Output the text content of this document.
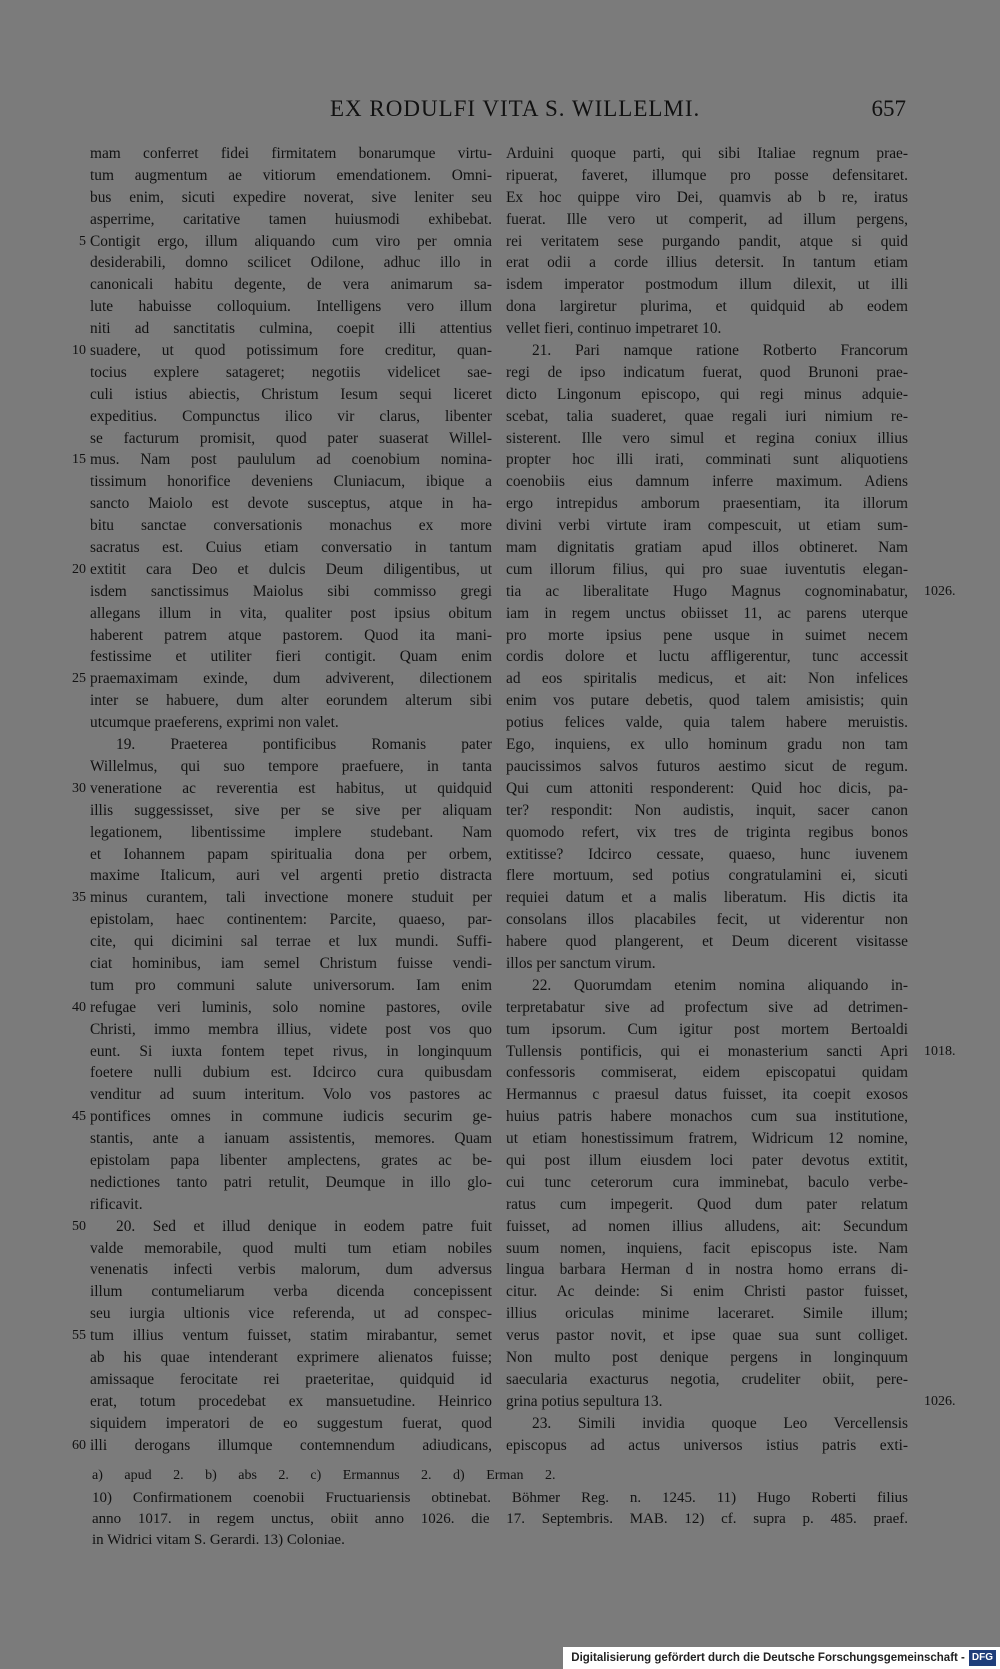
EX RODULFI VITA S. WILLELMI.	657
mam conferret fidei firmitatem bonarumque virtu-
tum augmentum ae vitiorum emendationem. Omni-
bus enim, sicuti expedire noverat, sive leniter seu
asperrime, caritative tamen huiusmodi exhibebat.
Contigit ergo, illum aliquando cum viro per omnia
5
desiderabili, domno scilicet Odilone, adhuc illo in
canonicali habitu degente, de vera animarum sa-
lute habuisse colloquium. Intelligens vero illum
niti ad sanctitatis culmina, coepit illi attentius
suadere, ut quod potissimum fore creditur, quan-
10
tocius explere satageret; negotiis videlicet sae-
culi istius abiectis, Christum Iesum sequi liceret
expeditius. Compunctus ilico vir clarus, libenter
se facturum promisit, quod pater suaserat Willel-
mus. Nam post paululum ad coenobium nomina-
15
tissimum honorifice deveniens Cluniacum, ibique a
sancto Maiolo est devote susceptus, atque in ha-
bitu sanctae conversationis monachus ex more
sacratus est. Cuius etiam conversatio in tantum
extitit cara Deo et dulcis Deum diligentibus, ut
20
isdem sanctissimus Maiolus sibi commisso gregi
allegans illum in vita, qualiter post ipsius obitum
haberent patrem atque pastorem. Quod ita mani-
festissime et utiliter fieri contigit. Quam enim
praemaximam exinde, dum adviverent, dilectionem
25
inter se habuere, dum alter eorundem alterum sibi
utcumque praeferens, exprimi non valet.
19. Praeterea pontificibus Romanis pater
Willelmus, qui suo tempore praefuere, in tanta
veneratione ac reverentia est habitus, ut quidquid
30
illis suggessisset, sive per se sive per aliquam
legationem, libentissime implere studebant. Nam
et Iohannem papam spiritualia dona per orbem,
maxime Italicum, auri vel argenti pretio distracta
minus curantem, tali invectione monere studuit per
35
epistolam, haec continentem: Parcite, quaeso, par-
cite, qui dicimini sal terrae et lux mundi. Suffi-
ciat hominibus, iam semel Christum fuisse vendi-
tum pro communi salute universorum. Iam enim
refugae veri luminis, solo nomine pastores, ovile
40
Christi, immo membra illius, videte post vos quo
eunt. Si iuxta fontem tepet rivus, in longinquum
foetere nulli dubium est. Idcirco cura quibusdam
venditur ad suum interitum. Volo vos pastores ac
pontifices omnes in commune iudicis securim ge-
45
stantis, ante a ianuam assistentis, memores. Quam
epistolam papa libenter amplectens, grates ac be-
nedictiones tanto patri retulit, Deumque in illo glo-
rificavit.
20. Sed et illud denique in eodem patre fuit
50
valde memorabile, quod multi tum etiam nobiles
venenatis infecti verbis malorum, dum adversus
illum contumeliarum verba dicenda concepissent
seu iurgia ultionis vice referenda, ut ad conspec-
tum illius ventum fuisset, statim mirabantur, semet
55
ab his quae intenderant exprimere alienatos fuisse;
amissaque ferocitate rei praeteritae, quidquid id
erat, totum procedebat ex mansuetudine. Heinrico
siquidem imperatori de eo suggestum fuerat, quod
illi derogans illumque contemnendum adiudicans,
60
Arduini quoque parti, qui sibi Italiae regnum prae-
ripuerat, faveret, illumque pro posse defensitaret.
Ex hoc quippe viro Dei, quamvis ab b re, iratus
fuerat. Ille vero ut comperit, ad illum pergens,
rei veritatem sese purgando pandit, atque si quid
erat odii a corde illius detersit. In tantum etiam
isdem imperator postmodum illum dilexit, ut illi
dona largiretur plurima, et quidquid ab eodem
vellet fieri, continuo impetraret 10.
21. Pari namque ratione Rotberto Francorum
regi de ipso indicatum fuerat, quod Brunoni prae-
dicto Lingonum episcopo, qui regi minus adquie-
scebat, talia suaderet, quae regali iuri nimium re-
sisterent. Ille vero simul et regina coniux illius
propter hoc illi irati, comminati sunt aliquotiens
coenobiis eius damnum inferre maximum. Adiens
ergo intrepidus amborum praesentiam, ita illorum
divini verbi virtute iram compescuit, ut etiam sum-
mam dignitatis gratiam apud illos obtineret. Nam
cum illorum filius, qui pro suae iuventutis elegan-
tia ac liberalitate Hugo Magnus cognominabatur, 1026.
iam in regem unctus obiisset 11, ac parens uterque
pro morte ipsius pene usque in suimet necem
cordis dolore et luctu affligerentur, tunc accessit
ad eos spiritalis medicus, et ait: Non infelices
enim vos putare debetis, quod talem amisistis; quin
potius felices valde, quia talem habere meruistis.
Ego, inquiens, ex ullo hominum gradu non tam
paucissimos salvos futuros aestimo sicut de regum.
Qui cum attoniti responderent: Quid hoc dicis, pa-
ter? respondit: Non audistis, inquit, sacer canon
quomodo refert, vix tres de triginta regibus bonos
extitisse? Idcirco cessate, quaeso, hunc iuvenem
flere mortuum, sed potius congratulamini ei, sicuti
requiei datum et a malis liberatum. His dictis ita
consolans illos placabiles fecit, ut viderentur non
habere quod plangerent, et Deum dicerent visitasse
illos per sanctum virum.
22. Quorumdam etenim nomina aliquando in-
terpretabatur sive ad profectum sive ad detrimen-
tum ipsorum. Cum igitur post mortem Bertoaldi
Tullensis pontificis, qui ei monasterium sancti Apri 1018.
confessoris commiserat, eidem episcopatui quidam
Hermannus c praesul datus fuisset, ita coepit exosos
huius patris habere monachos cum sua institutione,
ut etiam honestissimum fratrem, Widricum 12 nomine,
qui post illum eiusdem loci pater devotus extitit,
cui tunc ceterorum cura imminebat, baculo verbe-
ratus cum impegerit. Quod dum pater relatum
fuisset, ad nomen illius alludens, ait: Secundum
suum nomen, inquiens, facit episcopus iste. Nam
lingua barbara Herman d in nostra homo errans di-
citur. Ac deinde: Si enim Christi pastor fuisset,
illius oriculas minime laceraret. Simile illum;
verus pastor novit, et ipse quae sua sunt colliget.
Non multo post denique pergens in longinquum
saecularia exacturus negotia, crudeliter obiit, pere-
grina potius sepultura 13.	1026.
23. Simili invidia quoque Leo Vercellensis
episcopus ad actus universos istius patris exti-
a) apud 2. b) abs 2. c) Ermannus 2. d) Erman 2.
10) Confirmationem coenobii Fructuariensis obtinebat. Böhmer Reg. n. 1245. 11) Hugo Roberti filius
anno 1017. in regem unctus, obiit anno 1026. die 17. Septembris. MAB. 12) cf. supra p. 485. praef.
in Widrici vitam S. Gerardi. 13) Coloniae.
Digitalisierung gefördert durch die Deutsche Forschungsgemeinschaft - DFG
